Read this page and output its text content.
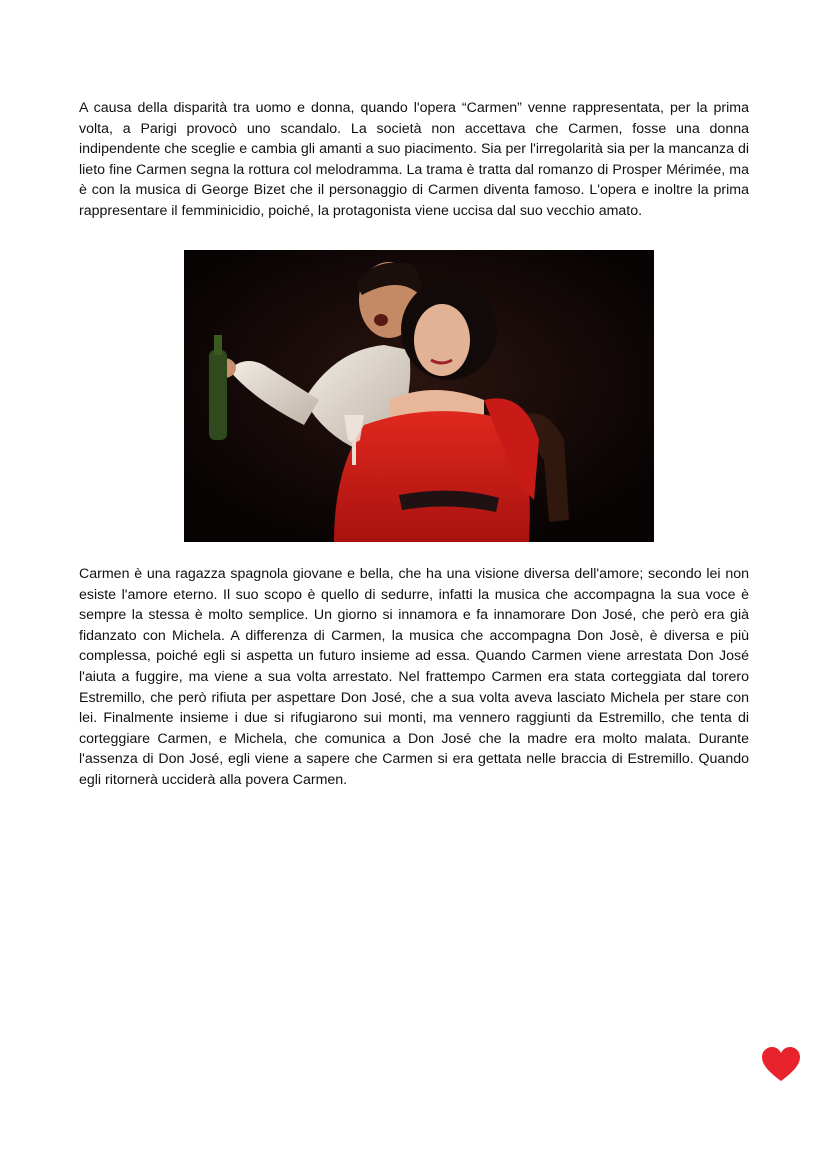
A causa della disparità tra uomo e donna, quando l'opera “Carmen” venne rappresentata, per la prima volta, a Parigi provocò uno scandalo. La società non accettava che Carmen, fosse una donna indipendente che sceglie e cambia gli amanti a suo piacimento. Sia per l'irregolarità sia per la mancanza di lieto fine Carmen segna la rottura col melodramma. La trama è tratta dal romanzo di Prosper Mérimée, ma è con la musica di George Bizet che il personaggio di Carmen diventa famoso. L'opera e inoltre la prima rappresentare il femminicidio, poiché, la protagonista viene uccisa dal suo vecchio amato.

Carmen è una ragazza spagnola giovane e bella, che ha una visione diversa dell'amore; secondo lei non esiste l'amore eterno. Il suo scopo è quello di sedurre, infatti la musica che accompagna la sua voce è sempre la stessa è molto semplice. Un giorno si innamora e fa innamorare Don José, che però era già fidanzato con Michela. A differenza di Carmen, la musica che accompagna Don Josè, è diversa e più complessa, poiché egli si aspetta un futuro insieme ad essa. Quando Carmen viene arrestata Don José l'aiuta a fuggire, ma viene a sua volta arrestato. Nel frattempo Carmen era stata corteggiata dal torero Estremillo, che però rifiuta per aspettare Don José, che a sua volta aveva lasciato Michela per stare con lei. Finalmente insieme i due si rifugiarono sui monti, ma vennero raggiunti da Estremillo, che tenta di corteggiare Carmen, e Michela, che comunica a Don José che la madre era molto malata. Durante l'assenza di Don José, egli viene a sapere che Carmen si era gettata nelle braccia di Estremillo. Quando egli ritornerà ucciderà alla povera Carmen.
